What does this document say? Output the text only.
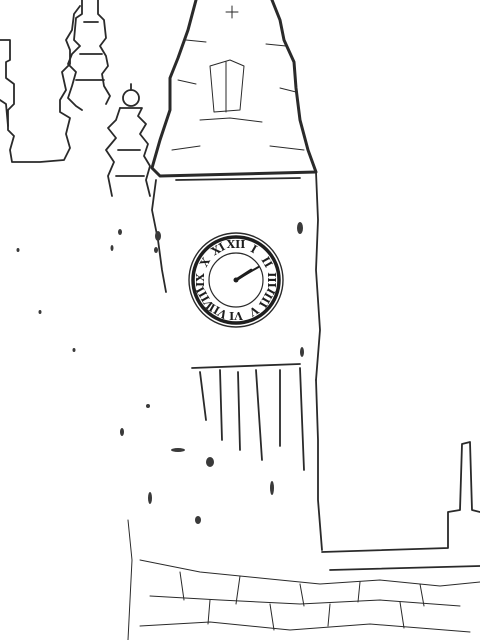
XII I
II
III
IIII
V
VI
VII
VIII
IX
X
XI
